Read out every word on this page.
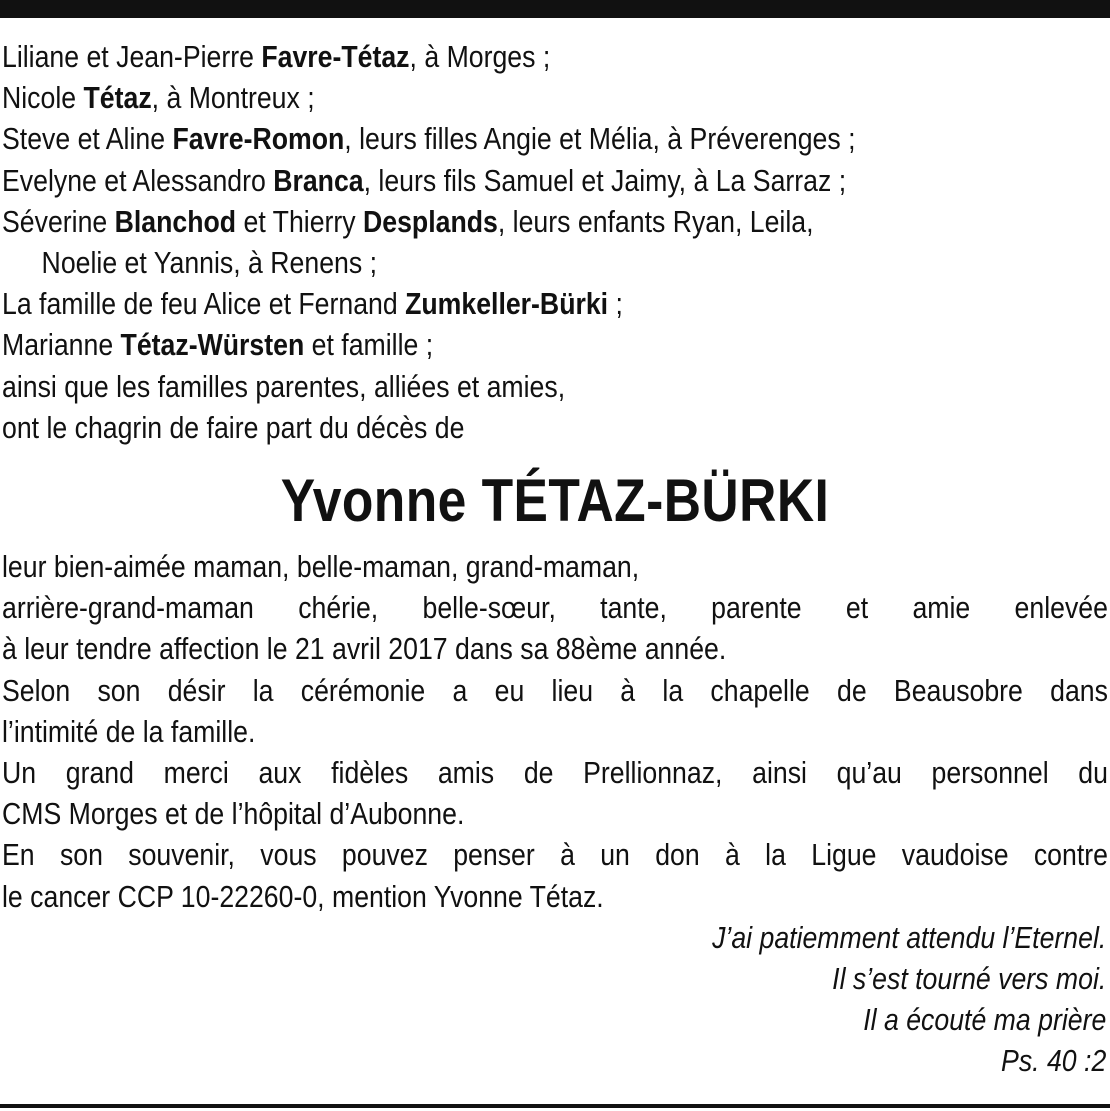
Liliane et Jean-Pierre Favre-Tétaz, à Morges ;
Nicole Tétaz, à Montreux ;
Steve et Aline Favre-Romon, leurs filles Angie et Mélia, à Préverenges ;
Evelyne et Alessandro Branca, leurs fils Samuel et Jaimy, à La Sarraz ;
Séverine Blanchod et Thierry Desplands, leurs enfants Ryan, Leila,
Noelie et Yannis, à Renens ;
La famille de feu Alice et Fernand Zumkeller-Bürki ;
Marianne Tétaz-Würsten et famille ;
ainsi que les familles parentes, alliées et amies,
ont le chagrin de faire part du décès de
Yvonne TÉTAZ-BÜRKI
leur bien-aimée maman, belle-maman, grand-maman,
arrière-grand-maman chérie, belle-sœur, tante, parente et amie enlevée
à leur tendre affection le 21 avril 2017 dans sa 88ème année.
Selon son désir la cérémonie a eu lieu à la chapelle de Beausobre dans
l’intimité de la famille.
Un grand merci aux fidèles amis de Prellionnaz, ainsi qu’au personnel du
CMS Morges et de l’hôpital d’Aubonne.
En son souvenir, vous pouvez penser à un don à la Ligue vaudoise contre
le cancer CCP 10-22260-0, mention Yvonne Tétaz.
J’ai patiemment attendu l’Eternel.
Il s’est tourné vers moi.
Il a écouté ma prière
Ps. 40 :2
